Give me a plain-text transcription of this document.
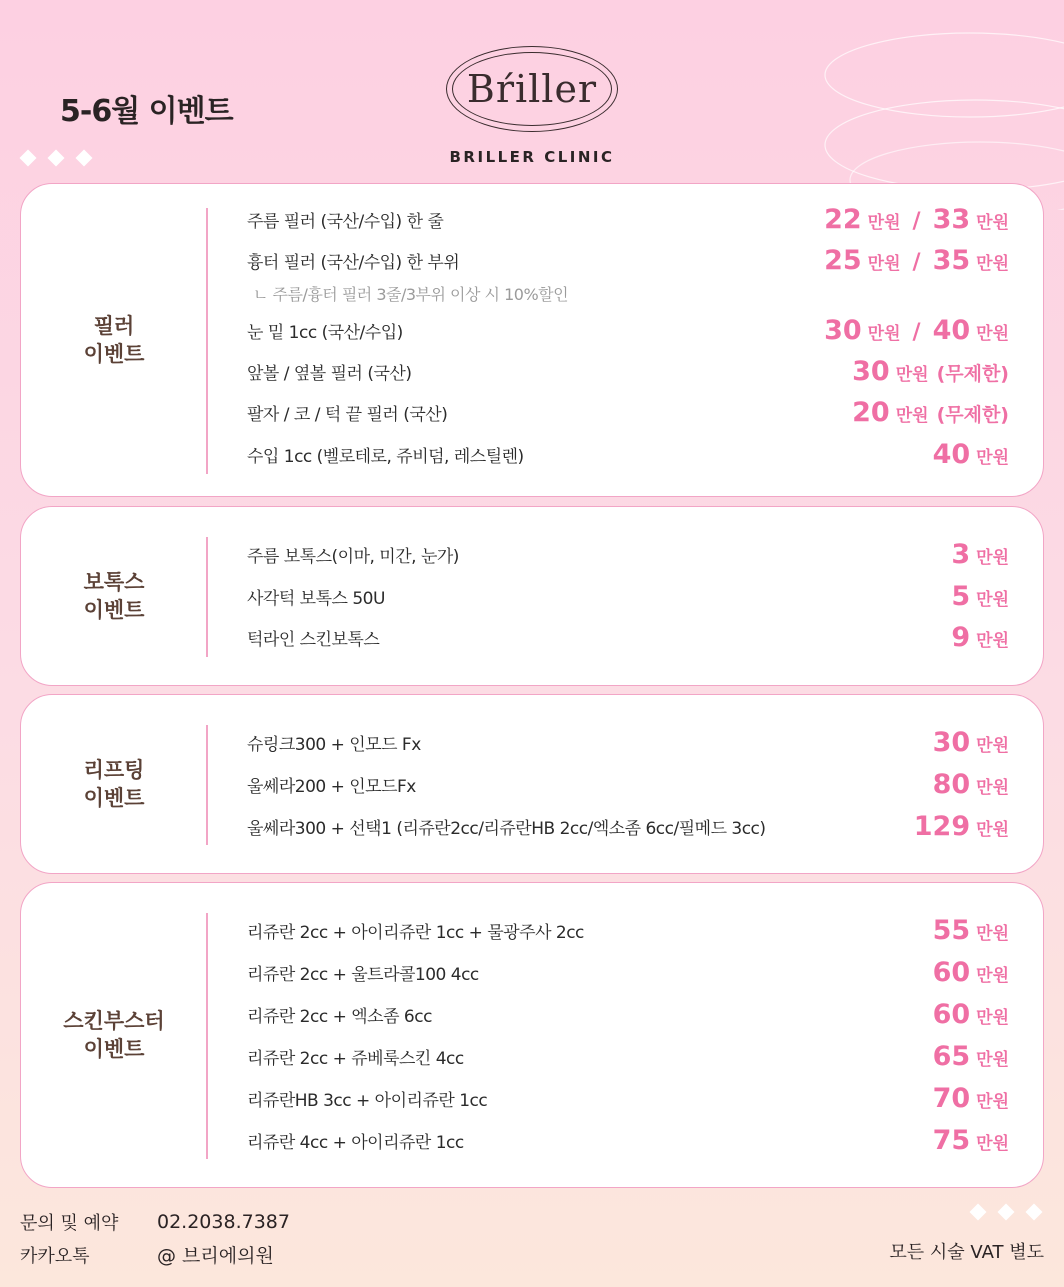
5-6월 이벤트
Bŕiller
BRILLER CLINIC
필러
이벤트
주름 필러 (국산/수입) 한 줄	22 만원 / 33 만원
흉터 필러 (국산/수입) 한 부위	25 만원 / 35 만원
눈 밑 1cc (국산/수입)	30 만원 / 40 만원
앞볼 / 옆볼 필러 (국산)	30 만원 (무제한)
팔자 / 코 / 턱 끝 필러 (국산)	20 만원 (무제한)
수입 1cc (벨로테로, 쥬비덤, 레스틸렌)	40 만원
ㄴ 주름/흉터 필러 3줄/3부위 이상 시 10%할인
보톡스
이벤트
주름 보톡스(이마, 미간, 눈가)	3 만원
사각턱 보톡스 50U	5 만원
턱라인 스킨보톡스	9 만원
리프팅
이벤트
슈링크300 + 인모드 Fx	30 만원
울쎄라200 + 인모드Fx	80 만원
울쎄라300 + 선택1 (리쥬란2cc/리쥬란HB 2cc/엑소좀 6cc/필메드 3cc)	129 만원
스킨부스터
이벤트
리쥬란 2cc + 아이리쥬란 1cc + 물광주사 2cc	55 만원
리쥬란 2cc + 울트라콜100 4cc	60 만원
리쥬란 2cc + 엑소좀 6cc	60 만원
리쥬란 2cc + 쥬베룩스킨 4cc	65 만원
리쥬란HB 3cc + 아이리쥬란 1cc	70 만원
리쥬란 4cc + 아이리쥬란 1cc	75 만원
문의 및 예약	02.2038.7387
카카오톡	@ 브리에의원	모든 시술 VAT 별도
